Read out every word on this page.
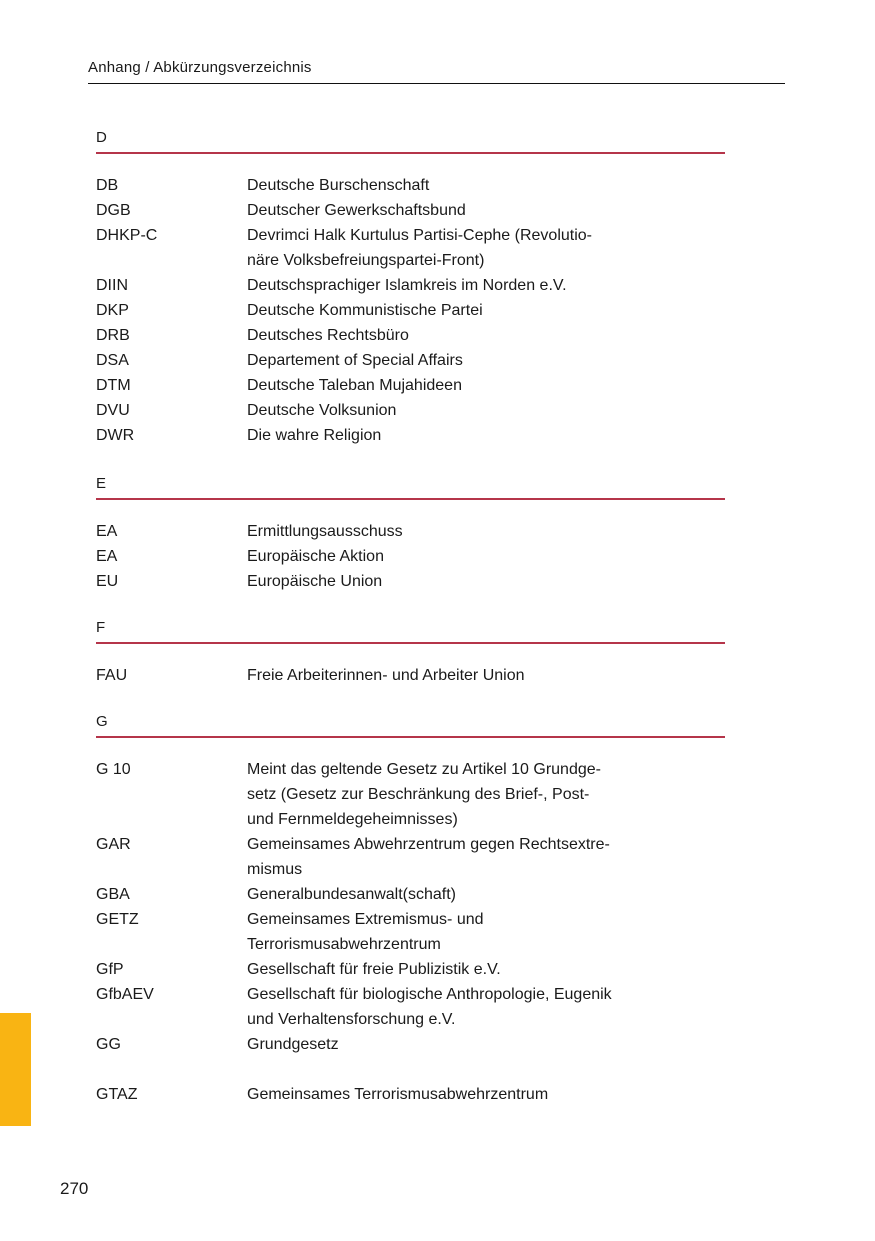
Anhang / Abkürzungsverzeichnis
D
DB	Deutsche Burschenschaft
DGB	Deutscher Gewerkschaftsbund
DHKP-C	Devrimci Halk Kurtulus Partisi-Cephe (Revolutio-
näre Volksbefreiungspartei-Front)
DIIN	Deutschsprachiger Islamkreis im Norden e.V.
DKP	Deutsche Kommunistische Partei
DRB	Deutsches Rechtsbüro
DSA	Departement of Special Affairs
DTM	Deutsche Taleban Mujahideen
DVU	Deutsche Volksunion
DWR	Die wahre Religion
E
EA	Ermittlungsausschuss
EA	Europäische Aktion
EU	Europäische Union
F
FAU	Freie Arbeiterinnen- und Arbeiter Union
G
G 10	Meint das geltende Gesetz zu Artikel 10 Grundge-
setz (Gesetz zur Beschränkung des Brief-, Post-
und Fernmeldegeheimnisses)
GAR	Gemeinsames Abwehrzentrum gegen Rechtsextre-
mismus
GBA	Generalbundesanwalt(schaft)
GETZ	Gemeinsames Extremismus- und
Terrorismusabwehrzentrum
GfP	Gesellschaft für freie Publizistik e.V.
GfbAEV	Gesellschaft für biologische Anthropologie, Eugenik
und Verhaltensforschung e.V.
GG	Grundgesetz
GTAZ	Gemeinsames Terrorismusabwehrzentrum
270
